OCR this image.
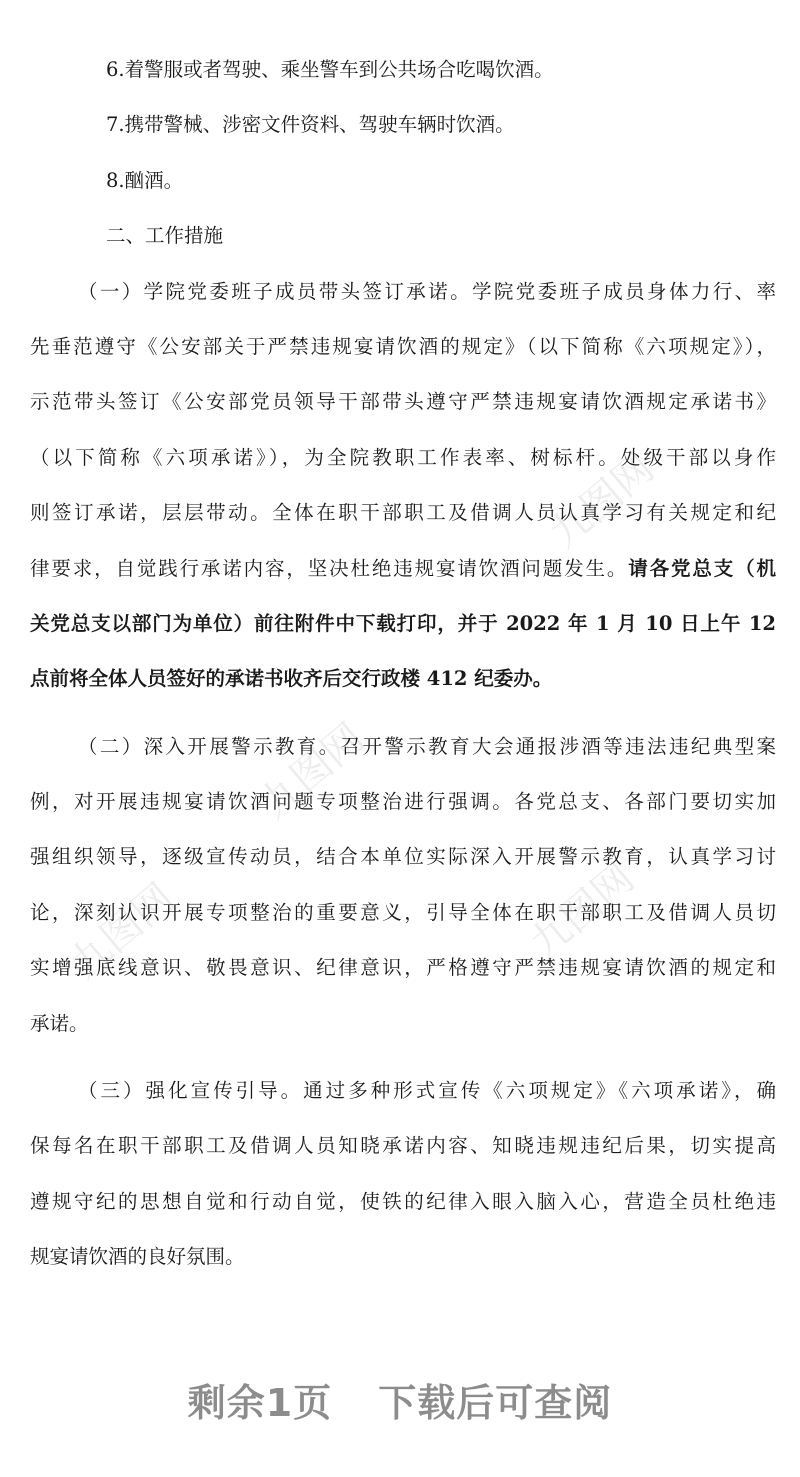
九图网
九图网
九图网
九图网

6.着警服或者驾驶、乘坐警车到公共场合吃喝饮酒。

7.携带警械、涉密文件资料、驾驶车辆时饮酒。

8.酗酒。

二、工作措施

（一）学院党委班子成员带头签订承诺。学院党委班子成员身体力行、率

先垂范遵守《公安部关于严禁违规宴请饮酒的规定》（以下简称《六项规定》），

示范带头签订《公安部党员领导干部带头遵守严禁违规宴请饮酒规定承诺书》

（以下简称《六项承诺》），为全院教职工作表率、树标杆。处级干部以身作

则签订承诺，层层带动。全体在职干部职工及借调人员认真学习有关规定和纪

律要求，自觉践行承诺内容，坚决杜绝违规宴请饮酒问题发生。请各党总支（机

关党总支以部门为单位）前往附件中下载打印，并于 2022 年 1 月 10 日上午 12

点前将全体人员签好的承诺书收齐后交行政楼 412 纪委办。

（二）深入开展警示教育。召开警示教育大会通报涉酒等违法违纪典型案

例，对开展违规宴请饮酒问题专项整治进行强调。各党总支、各部门要切实加

强组织领导，逐级宣传动员，结合本单位实际深入开展警示教育，认真学习讨

论，深刻认识开展专项整治的重要意义，引导全体在职干部职工及借调人员切

实增强底线意识、敬畏意识、纪律意识，严格遵守严禁违规宴请饮酒的规定和

承诺。

（三）强化宣传引导。通过多种形式宣传《六项规定》《六项承诺》，确

保每名在职干部职工及借调人员知晓承诺内容、知晓违规违纪后果，切实提高

遵规守纪的思想自觉和行动自觉，使铁的纪律入眼入脑入心，营造全员杜绝违

规宴请饮酒的良好氛围。

剩余1页 下载后可查阅
